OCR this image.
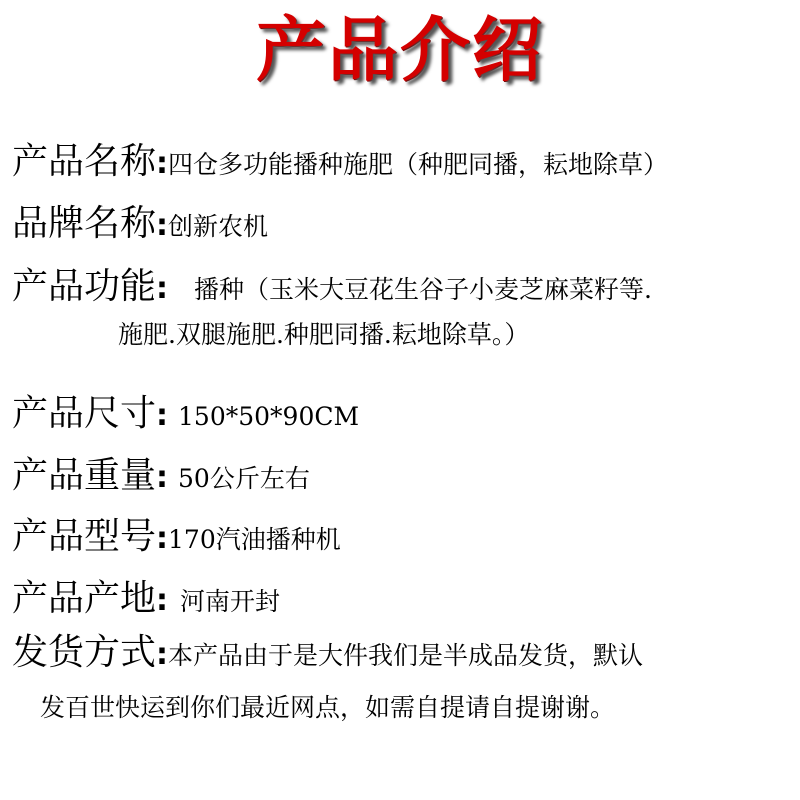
产品介绍
产品名称:四仓多功能播种施肥（种肥同播，耘地除草）
品牌名称:创新农机
产品功能: 播种（玉米大豆花生谷子小麦芝麻菜籽等.
施肥.双腿施肥.种肥同播.耘地除草。）
产品尺寸: 150*50*90CM
产品重量: 50公斤左右
产品型号:170汽油播种机
产品产地: 河南开封
发货方式:本产品由于是大件我们是半成品发货，默认
发百世快运到你们最近网点，如需自提请自提谢谢。
